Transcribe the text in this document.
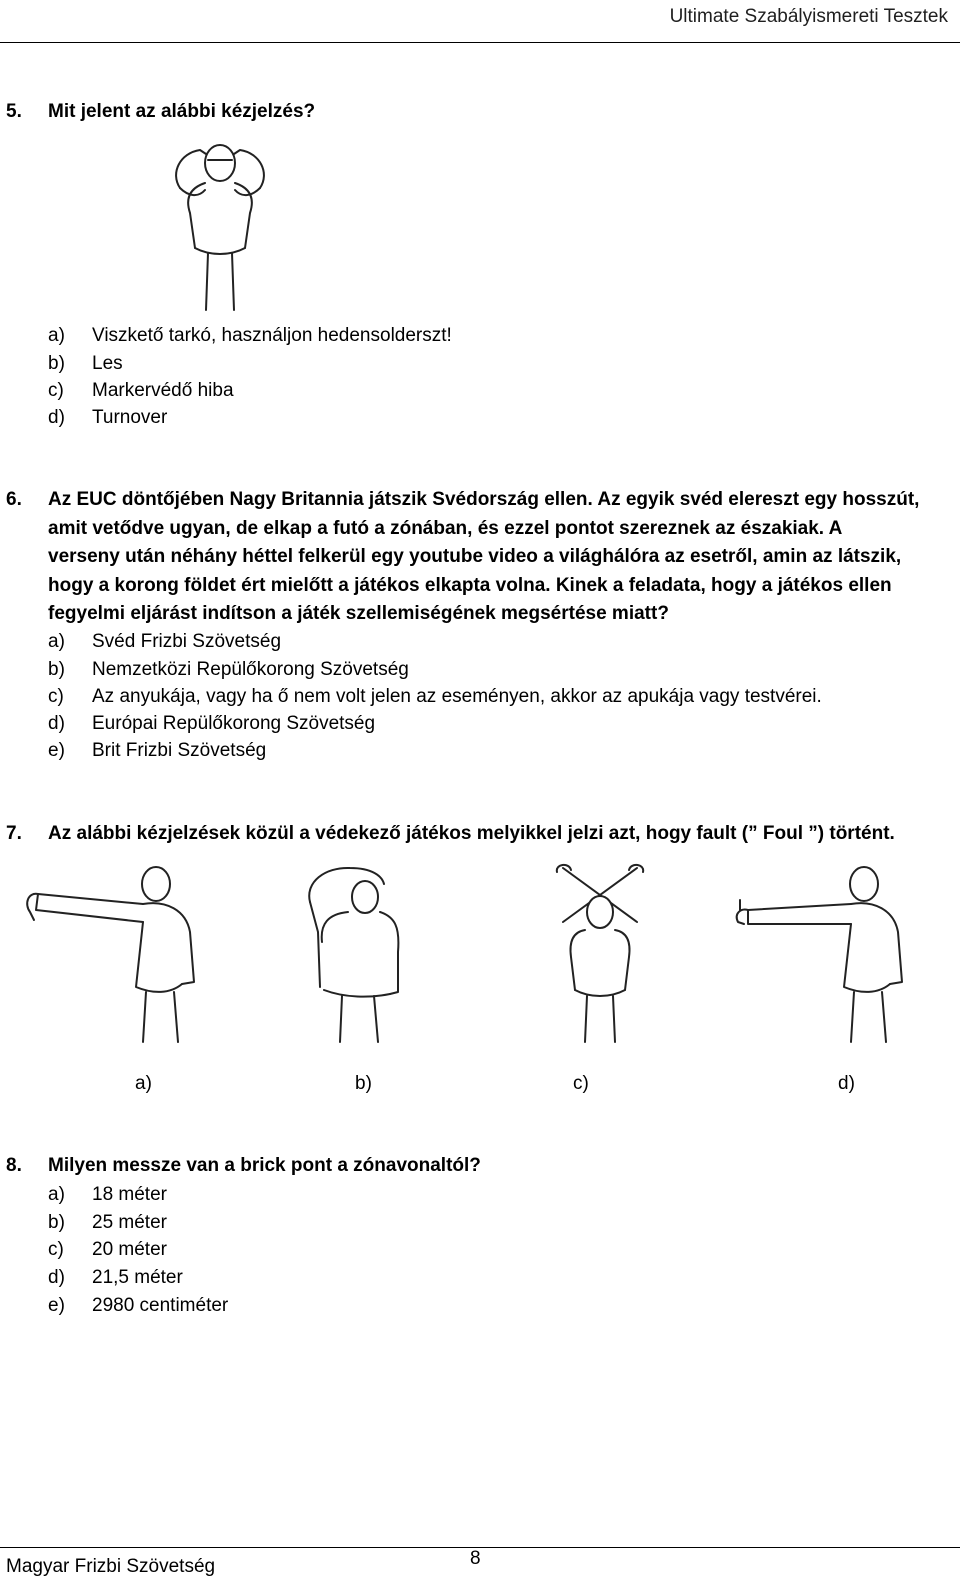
Ultimate Szabályismereti Tesztek
5. Mit jelent az alábbi kézjelzés?
a) Viszkető tarkó, használjon hedensolderszt!
b) Les
c) Markervédő hiba
d) Turnover
6.	Az EUC döntőjében Nagy Britannia játszik Svédország ellen. Az egyik svéd elereszt egy hosszút,
amit vetődve ugyan, de elkap a futó a zónában, és ezzel pontot szereznek az északiak. A
verseny után néhány héttel felkerül egy youtube video a világhálóra az esetről, amin az látszik,
hogy a korong földet ért mielőtt a játékos elkapta volna. Kinek a feladata, hogy a játékos ellen
fegyelmi eljárást indítson a játék szellemiségének megsértése miatt?
a) Svéd Frizbi Szövetség
b) Nemzetközi Repülőkorong Szövetség
c) Az anyukája, vagy ha ő nem volt jelen az eseményen, akkor az apukája vagy testvérei.
d) Európai Repülőkorong Szövetség
e) Brit Frizbi Szövetség
7. Az alábbi kézjelzések közül a védekező játékos melyikkel jelzi azt, hogy fault (” Foul ”) történt.
a)	b)	c)	d)
8. Milyen messze van a brick pont a zónavonaltól?
a) 18 méter
b) 25 méter
c) 20 méter
d) 21,5 méter
e) 2980 centiméter
Magyar Frizbi Szövetség	8
